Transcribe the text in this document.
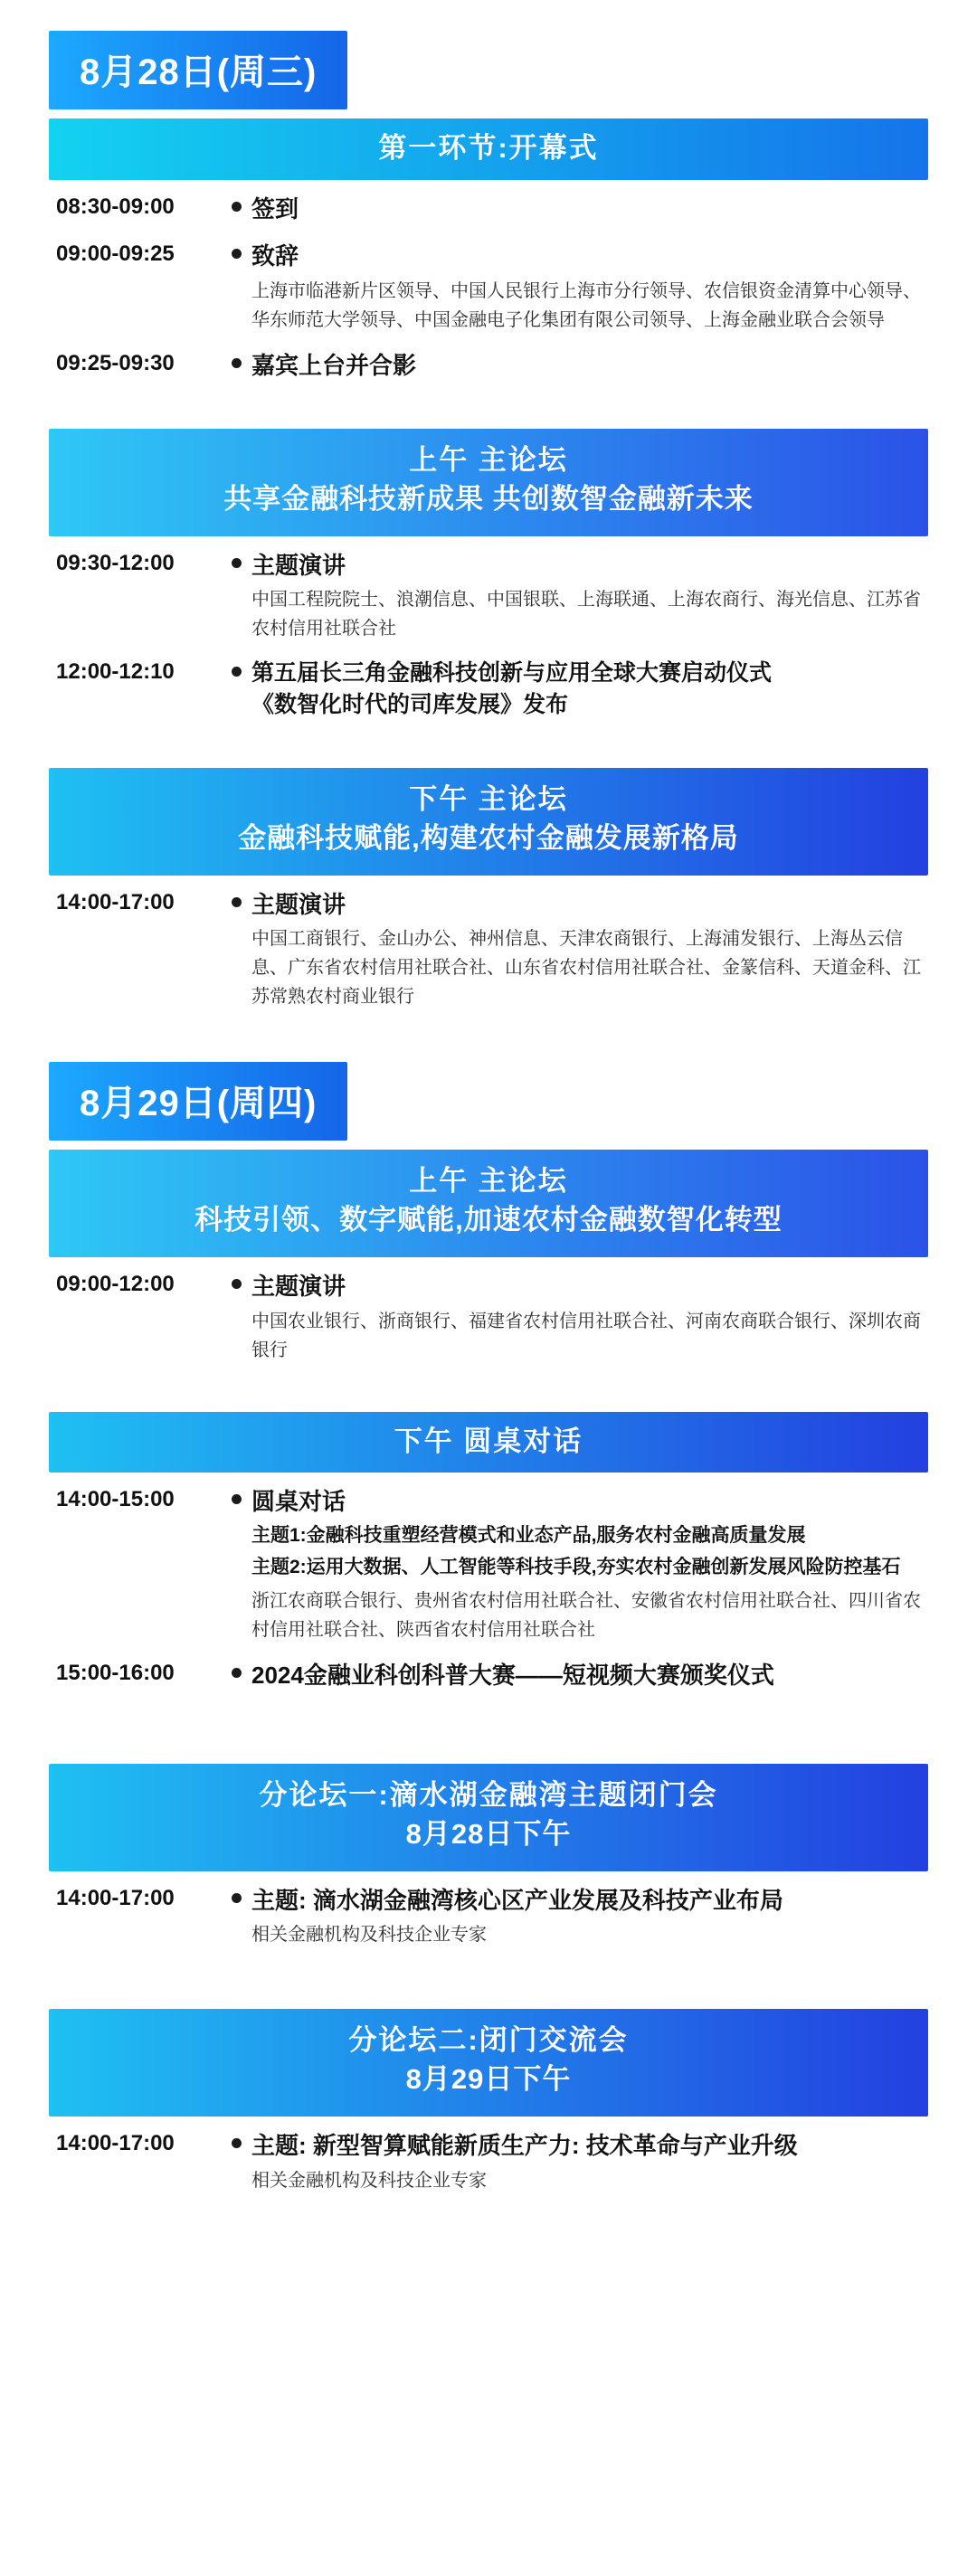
8月28日(周三)
第一环节:开幕式
08:30-09:00	签到
09:00-09:25	致辞
上海市临港新片区领导、中国人民银行上海市分行领导、农信银资金清算中心领导、华东师范大学领导、中国金融电子化集团有限公司领导、上海金融业联合会领导
09:25-09:30	嘉宾上台并合影
上午 主论坛
共享金融科技新成果 共创数智金融新未来
09:30-12:00	主题演讲
中国工程院院士、浪潮信息、中国银联、上海联通、上海农商行、海光信息、江苏省农村信用社联合社
12:00-12:10	第五届长三角金融科技创新与应用全球大赛启动仪式
《数智化时代的司库发展》发布
下午 主论坛
金融科技赋能,构建农村金融发展新格局
14:00-17:00	主题演讲
中国工商银行、金山办公、神州信息、天津农商银行、上海浦发银行、上海丛云信息、广东省农村信用社联合社、山东省农村信用社联合社、金篆信科、天道金科、江苏常熟农村商业银行
8月29日(周四)
上午 主论坛
科技引领、数字赋能,加速农村金融数智化转型
09:00-12:00	主题演讲
中国农业银行、浙商银行、福建省农村信用社联合社、河南农商联合银行、深圳农商银行
下午 圆桌对话
14:00-15:00	圆桌对话
主题1:金融科技重塑经营模式和业态产品,服务农村金融高质量发展
主题2:运用大数据、人工智能等科技手段,夯实农村金融创新发展风险防控基石
浙江农商联合银行、贵州省农村信用社联合社、安徽省农村信用社联合社、四川省农村信用社联合社、陕西省农村信用社联合社
15:00-16:00	2024金融业科创科普大赛——短视频大赛颁奖仪式
分论坛一:滴水湖金融湾主题闭门会
8月28日下午
14:00-17:00	主题: 滴水湖金融湾核心区产业发展及科技产业布局
相关金融机构及科技企业专家
分论坛二:闭门交流会
8月29日下午
14:00-17:00	主题: 新型智算赋能新质生产力: 技术革命与产业升级
相关金融机构及科技企业专家
